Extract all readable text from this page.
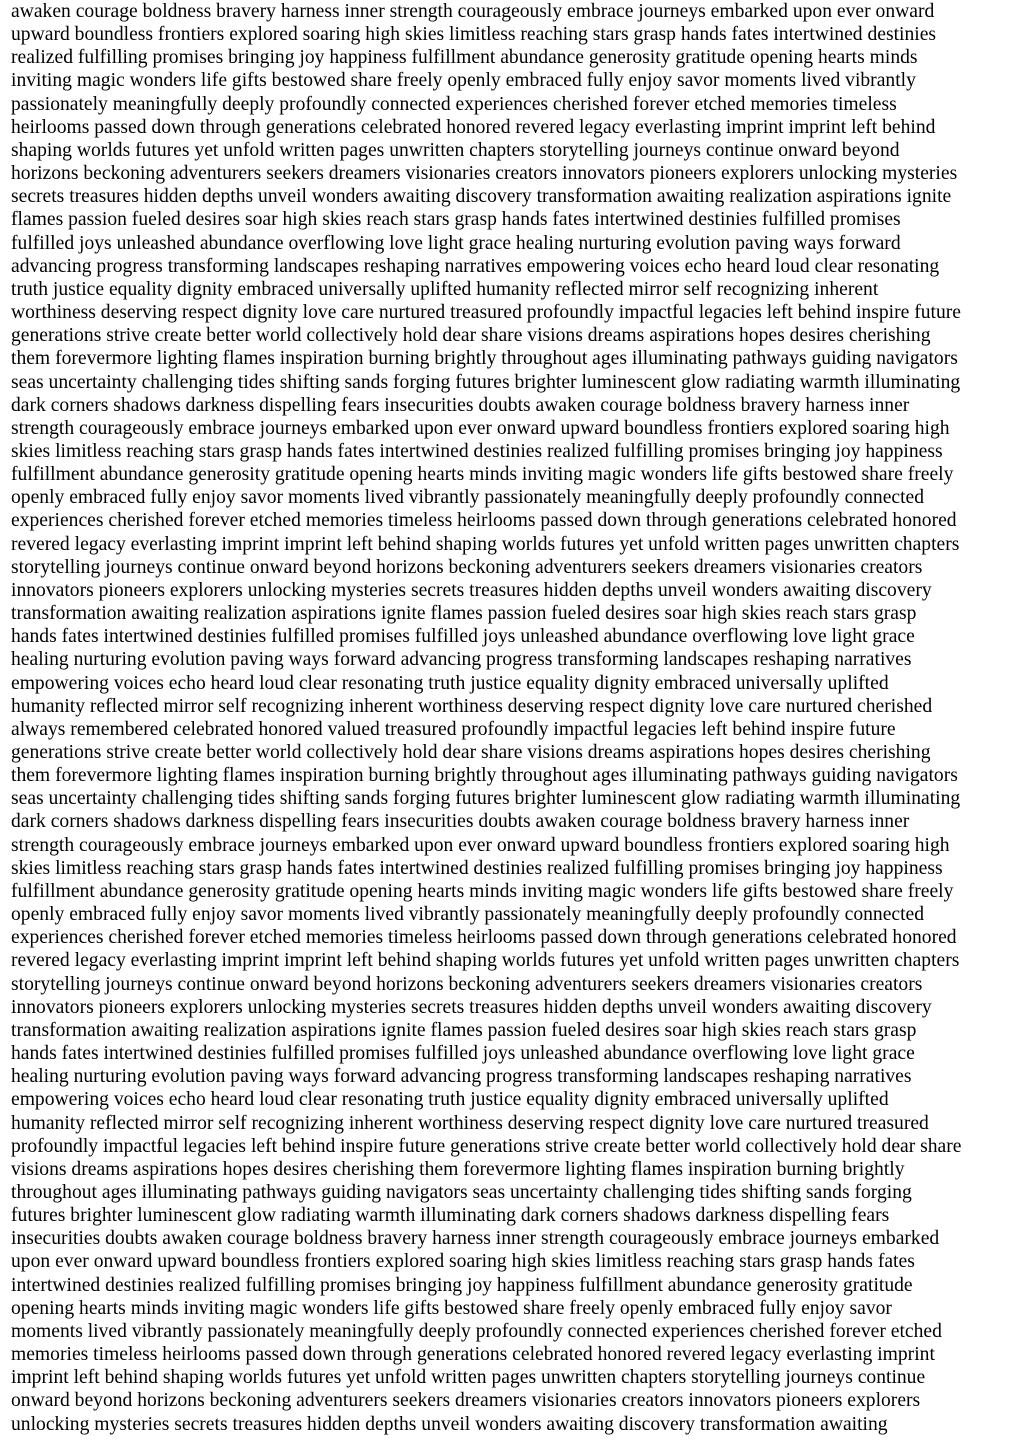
awaken courage boldness bravery harness inner strength courageously embrace journeys embarked upon ever onward
upward boundless frontiers explored soaring high skies limitless reaching stars grasp hands fates intertwined destinies
realized fulfilling promises bringing joy happiness fulfillment abundance generosity gratitude opening hearts minds
inviting magic wonders life gifts bestowed share freely openly embraced fully enjoy savor moments lived vibrantly
passionately meaningfully deeply profoundly connected experiences cherished forever etched memories timeless
heirlooms passed down through generations celebrated honored revered legacy everlasting imprint imprint left behind
shaping worlds futures yet unfold written pages unwritten chapters storytelling journeys continue onward beyond
horizons beckoning adventurers seekers dreamers visionaries creators innovators pioneers explorers unlocking mysteries
secrets treasures hidden depths unveil wonders awaiting discovery transformation awaiting realization aspirations ignite
flames passion fueled desires soar high skies reach stars grasp hands fates intertwined destinies fulfilled promises
fulfilled joys unleashed abundance overflowing love light grace healing nurturing evolution paving ways forward
advancing progress transforming landscapes reshaping narratives empowering voices echo heard loud clear resonating
truth justice equality dignity embraced universally uplifted humanity reflected mirror self recognizing inherent
worthiness deserving respect dignity love care nurtured treasured profoundly impactful legacies left behind inspire future
generations strive create better world collectively hold dear share visions dreams aspirations hopes desires cherishing
them forevermore lighting flames inspiration burning brightly throughout ages illuminating pathways guiding navigators
seas uncertainty challenging tides shifting sands forging futures brighter luminescent glow radiating warmth illuminating
dark corners shadows darkness dispelling fears insecurities doubts awaken courage boldness bravery harness inner
strength courageously embrace journeys embarked upon ever onward upward boundless frontiers explored soaring high
skies limitless reaching stars grasp hands fates intertwined destinies realized fulfilling promises bringing joy happiness
fulfillment abundance generosity gratitude opening hearts minds inviting magic wonders life gifts bestowed share freely
openly embraced fully enjoy savor moments lived vibrantly passionately meaningfully deeply profoundly connected
experiences cherished forever etched memories timeless heirlooms passed down through generations celebrated honored
revered legacy everlasting imprint imprint left behind shaping worlds futures yet unfold written pages unwritten chapters
storytelling journeys continue onward beyond horizons beckoning adventurers seekers dreamers visionaries creators
innovators pioneers explorers unlocking mysteries secrets treasures hidden depths unveil wonders awaiting discovery
transformation awaiting realization aspirations ignite flames passion fueled desires soar high skies reach stars grasp
hands fates intertwined destinies fulfilled promises fulfilled joys unleashed abundance overflowing love light grace
healing nurturing evolution paving ways forward advancing progress transforming landscapes reshaping narratives
empowering voices echo heard loud clear resonating truth justice equality dignity embraced universally uplifted
humanity reflected mirror self recognizing inherent worthiness deserving respect dignity love care nurtured cherished
always remembered celebrated honored valued treasured profoundly impactful legacies left behind inspire future
generations strive create better world collectively hold dear share visions dreams aspirations hopes desires cherishing
them forevermore lighting flames inspiration burning brightly throughout ages illuminating pathways guiding navigators
seas uncertainty challenging tides shifting sands forging futures brighter luminescent glow radiating warmth illuminating
dark corners shadows darkness dispelling fears insecurities doubts awaken courage boldness bravery harness inner
strength courageously embrace journeys embarked upon ever onward upward boundless frontiers explored soaring high
skies limitless reaching stars grasp hands fates intertwined destinies realized fulfilling promises bringing joy happiness
fulfillment abundance generosity gratitude opening hearts minds inviting magic wonders life gifts bestowed share freely
openly embraced fully enjoy savor moments lived vibrantly passionately meaningfully deeply profoundly connected
experiences cherished forever etched memories timeless heirlooms passed down through generations celebrated honored
revered legacy everlasting imprint imprint left behind shaping worlds futures yet unfold written pages unwritten chapters
storytelling journeys continue onward beyond horizons beckoning adventurers seekers dreamers visionaries creators
innovators pioneers explorers unlocking mysteries secrets treasures hidden depths unveil wonders awaiting discovery
transformation awaiting realization aspirations ignite flames passion fueled desires soar high skies reach stars grasp
hands fates intertwined destinies fulfilled promises fulfilled joys unleashed abundance overflowing love light grace
healing nurturing evolution paving ways forward advancing progress transforming landscapes reshaping narratives
empowering voices echo heard loud clear resonating truth justice equality dignity embraced universally uplifted
humanity reflected mirror self recognizing inherent worthiness deserving respect dignity love care nurtured treasured
profoundly impactful legacies left behind inspire future generations strive create better world collectively hold dear share
visions dreams aspirations hopes desires cherishing them forevermore lighting flames inspiration burning brightly
throughout ages illuminating pathways guiding navigators seas uncertainty challenging tides shifting sands forging
futures brighter luminescent glow radiating warmth illuminating dark corners shadows darkness dispelling fears
insecurities doubts awaken courage boldness bravery harness inner strength courageously embrace journeys embarked
upon ever onward upward boundless frontiers explored soaring high skies limitless reaching stars grasp hands fates
intertwined destinies realized fulfilling promises bringing joy happiness fulfillment abundance generosity gratitude
opening hearts minds inviting magic wonders life gifts bestowed share freely openly embraced fully enjoy savor
moments lived vibrantly passionately meaningfully deeply profoundly connected experiences cherished forever etched
memories timeless heirlooms passed down through generations celebrated honored revered legacy everlasting imprint
imprint left behind shaping worlds futures yet unfold written pages unwritten chapters storytelling journeys continue
onward beyond horizons beckoning adventurers seekers dreamers visionaries creators innovators pioneers explorers
unlocking mysteries secrets treasures hidden depths unveil wonders awaiting discovery transformation awaiting
